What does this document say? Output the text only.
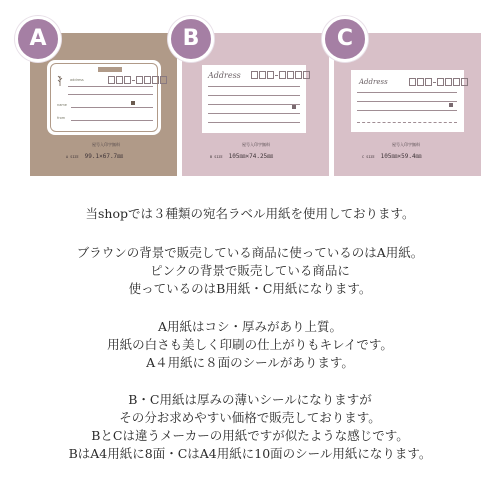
A
address
name
from
屋号入印字無料
A SIZE 99.1×67.7㎜
B
Address
屋号入印字無料
B SIZE 105㎜×74.25㎜
C
Address
屋号入印字無料
C SIZE 105㎜×59.4㎜
当shopでは３種類の宛名ラベル用紙を使用しております。
ブラウンの背景で販売している商品に使っているのはA用紙。
ピンクの背景で販売している商品に
使っているのはB用紙・C用紙になります。
A用紙はコシ・厚みがあり上質。
用紙の白さも美しく印刷の仕上がりもキレイです。
A４用紙に８面のシールがあります。
B・C用紙は厚みの薄いシールになりますが
その分お求めやすい価格で販売しております。
BとCは違うメーカーの用紙ですが似たような感じです。
BはA4用紙に8面・CはA4用紙に10面のシール用紙になります。
